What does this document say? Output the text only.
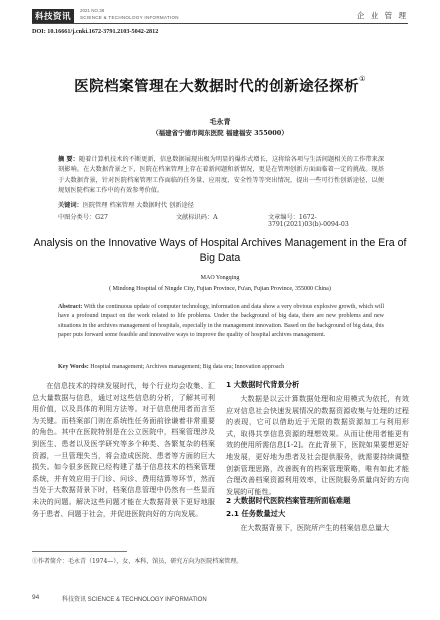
科技资讯
2021 NO.38
SCIENCE & TECHNOLOGY INFORMATION	企 业 管 理
DOI: 10.16661/j.cnki.1672-3791.2103-5042-2812
医院档案管理在大数据时代的创新途径探析①
毛永青
（福建省宁德市闽东医院 福建福安 355000）
摘 要：随着计算机技术的不断更新，信息数据展现出极为明显的爆炸式增长，这将给各项与生活间题相关的工作带来深刻影响。在大数据背景之下，医院在档案管理上存在着新间题和新情况，更是在管理创新方面面临着一定的挑战。现基于大数据背景，针对医院档案管理工作面临的任务量、应用度、安全性等等突出情况，提出一些可行性创新途径，以便规划医院档案工作中的有效参考价值。
关键词：医院管理 档案管理 大数据时代 创新途径
中图分类号：G27	文献标识码：A	文章编号：1672-3791(2021)03(b)-0094-03
Analysis on the Innovative Ways of Hospital Archives Management in the Era of Big Data
MAO Yongqing
( Mindong Hospital of Ningde City, Fujian Province, Fu'an, Fujian Province, 355000 China)
Abstract: With the continuous update of computer technology, information and data show a very obvious explosive growth, which will have a profound impact on the work related to life problems. Under the background of big data, there are new problems and new situations in the archives management of hospitals, especially in the management innovation. Based on the background of big data, this paper puts forward some feasible and innovative ways to improve the quality of hospital archives management.
Key Words: Hospital management; Archives management; Big data era; Innovation approach
在信息技术的持续发展时代，每个行业均会收集、汇总大量数据与信息，通过对这些信息的分析，了解其可利用价值，以及具体的利用方法等。对于信息使用者而言至为关键。而档案部门则在系统性任务面前徐谦着非常重要的角色。其中在医院特别是在公立医院中，档案管理涉及到医生、患者以及医学研究等多个种类、各繁复杂的档案资源，一旦管理失当，将会造成医院、患者等方面的巨大损失。如今很多医院已经构建了基于信息技术的档案管理系统，并有效应用于门诊、问诊、费用结算等环节，然而当处于大数据背景下时，档案信息管理中仍然有一些显而未决的问题。解决这些问题才能在大数据背景下更好地服务于患者、问题于社会，并促进医院向好的方向发展。
1 大数据时代背景分析
大数据是以云计算数据处理和应用模式为依托，有效应对信息社会快速发展情况的数据资源收集与处理的过程的表现，它可以借助近于无限的数据资源加工与利用形式，取得共享信息资源的理想效果。从而让使用者能更有效的使用所需信息[1-2]。在此背景下，医院如果要想更好地发展，更好地为患者及社会提供服务，就需要持续调整创新管理思路，改善既有的档案管理策略，唯有如此才能合理改善档案资源利用效率，让医院服务质量向好的方向发展的可能性。
2 大数据时代医院档案管理所面临难题
2.1 任务数量过大
在大数据背景下，医院所产生的档案信息总量大
①作者简介：毛永青（1974—），女，本科，馆员，研究方向为医院档案管理。
94	科技资讯 SCIENCE & TECHNOLOGY INFORMATION
